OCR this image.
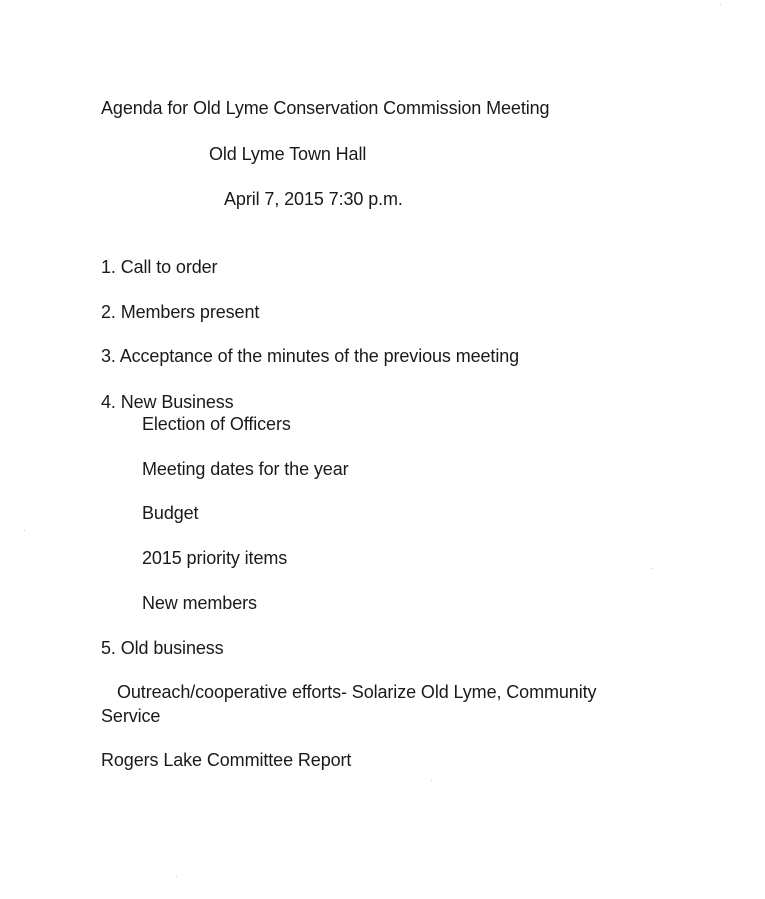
Agenda for Old Lyme Conservation Commission Meeting
Old Lyme Town Hall
April 7, 2015 7:30 p.m.
1. Call to order
2. Members present
3. Acceptance of the minutes of the previous meeting
4. New Business
Election of Officers
Meeting dates for the year
Budget
2015 priority items
New members
5. Old business
Outreach/cooperative efforts- Solarize Old Lyme, Community
Service
Rogers Lake Committee Report
